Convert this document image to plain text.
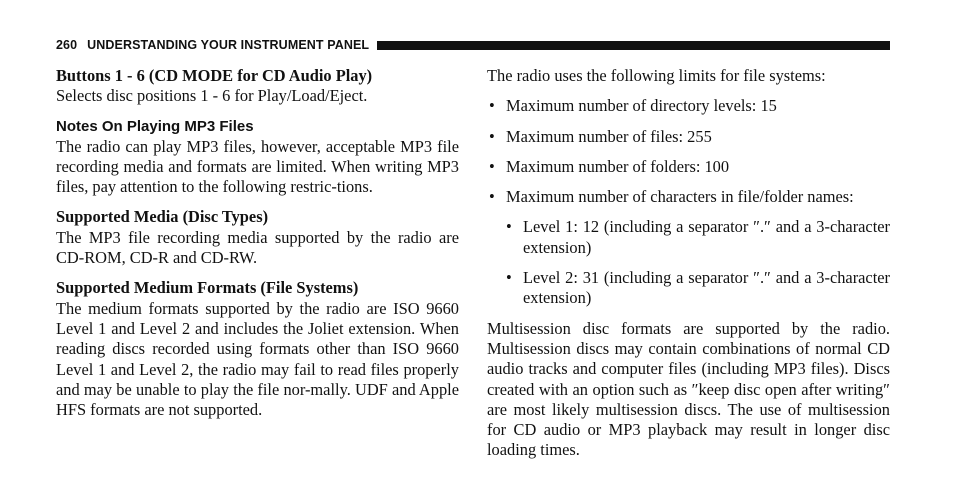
260 UNDERSTANDING YOUR INSTRUMENT PANEL
Buttons 1 - 6 (CD MODE for CD Audio Play)

Selects disc positions 1 - 6 for Play/Load/Eject.

Notes On Playing MP3 Files

The radio can play MP3 files, however, acceptable MP3 file recording media and formats are limited. When writing MP3 files, pay attention to the following restric-tions.

Supported Media (Disc Types)

The MP3 file recording media supported by the radio are CD-ROM, CD-R and CD-RW.

Supported Medium Formats (File Systems)

The medium formats supported by the radio are ISO 9660 Level 1 and Level 2 and includes the Joliet extension. When reading discs recorded using formats other than ISO 9660 Level 1 and Level 2, the radio may fail to read files properly and may be unable to play the file nor-mally. UDF and Apple HFS formats are not supported.

The radio uses the following limits for file systems:

• Maximum number of directory levels: 15
• Maximum number of files: 255
• Maximum number of folders: 100
• Maximum number of characters in file/folder names:
• Level 1: 12 (including a separator ″.″ and a 3-character extension)
• Level 2: 31 (including a separator ″.″ and a 3-character extension)

Multisession disc formats are supported by the radio. Multisession discs may contain combinations of normal CD audio tracks and computer files (including MP3 files). Discs created with an option such as ″keep disc open after writing″ are most likely multisession discs. The use of multisession for CD audio or MP3 playback may result in longer disc loading times.
